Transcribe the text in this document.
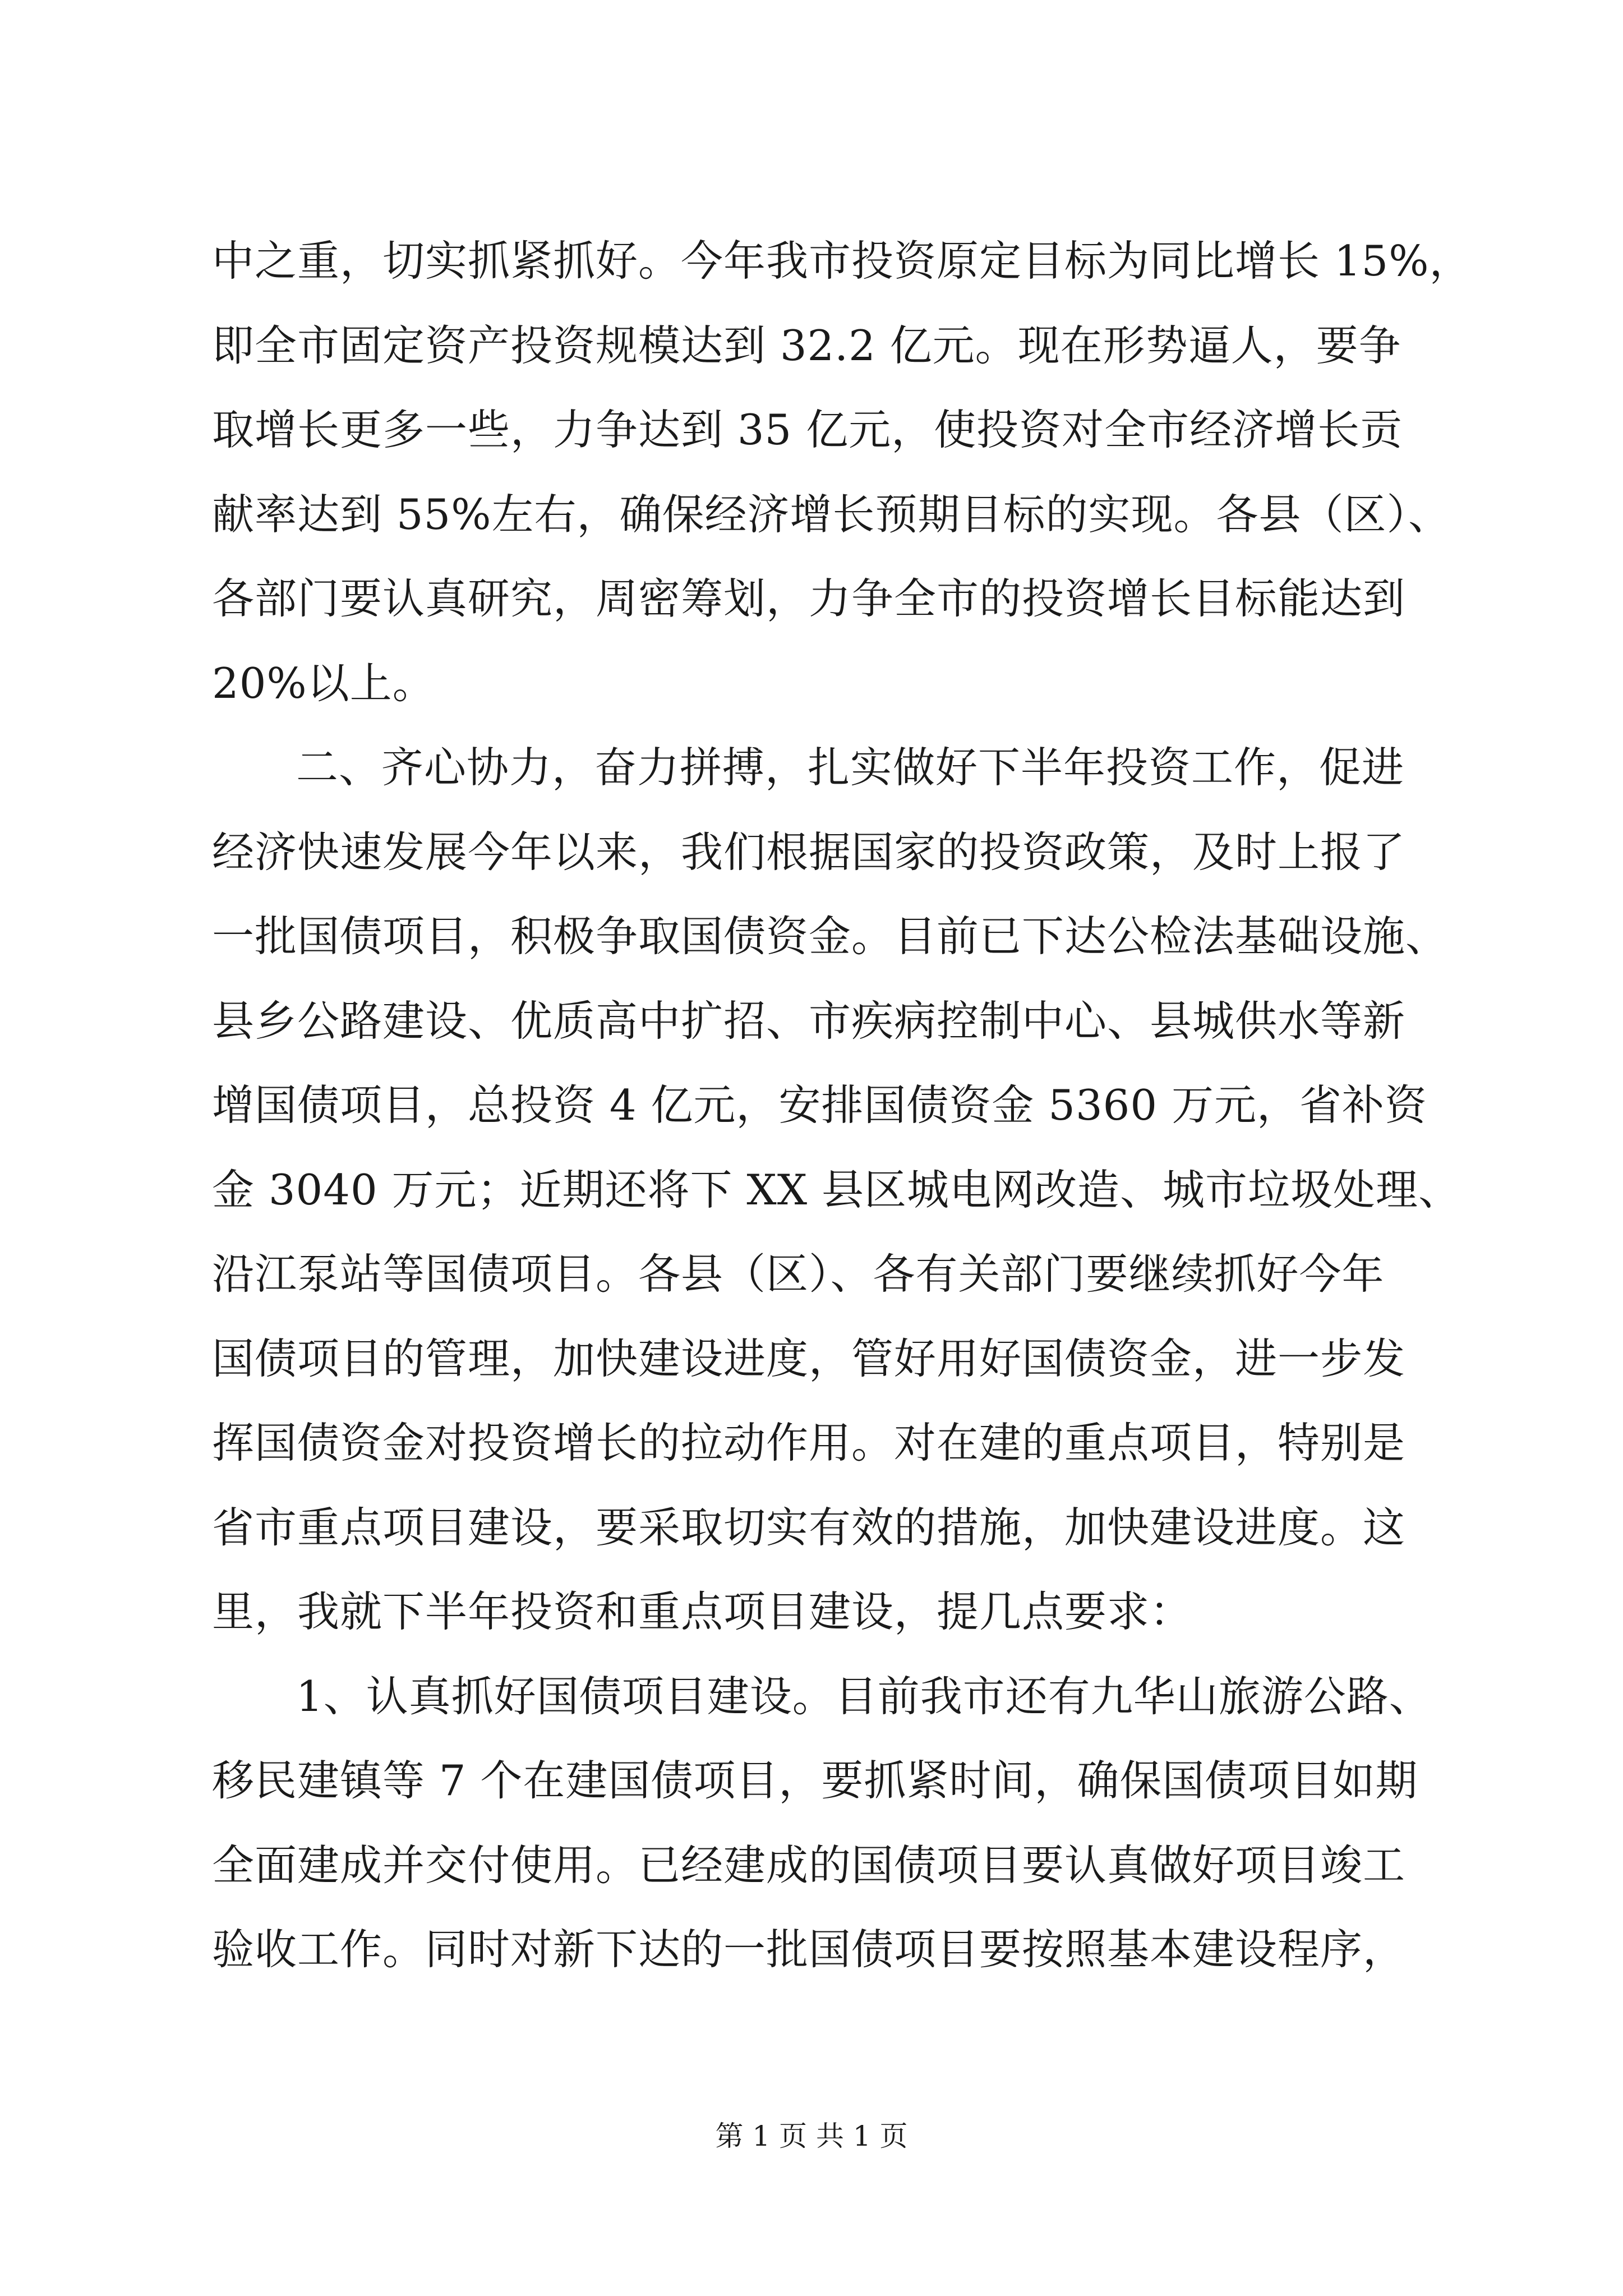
中之重，切实抓紧抓好。今年我市投资原定目标为同比增长 15%，
即全市固定资产投资规模达到 32.2 亿元。现在形势逼人，要争
取增长更多一些，力争达到 35 亿元，使投资对全市经济增长贡
献率达到 55%左右，确保经济增长预期目标的实现。各县（区）、
各部门要认真研究，周密筹划，力争全市的投资增长目标能达到
20%以上。
二、齐心协力，奋力拼搏，扎实做好下半年投资工作，促进
经济快速发展今年以来，我们根据国家的投资政策，及时上报了
一批国债项目，积极争取国债资金。目前已下达公检法基础设施、
县乡公路建设、优质高中扩招、市疾病控制中心、县城供水等新
增国债项目，总投资 4 亿元，安排国债资金 5360 万元，省补资
金 3040 万元；近期还将下 XX 县区城电网改造、城市垃圾处理、
沿江泵站等国债项目。各县（区）、各有关部门要继续抓好今年
国债项目的管理，加快建设进度，管好用好国债资金，进一步发
挥国债资金对投资增长的拉动作用。对在建的重点项目，特别是
省市重点项目建设，要采取切实有效的措施，加快建设进度。这
里，我就下半年投资和重点项目建设，提几点要求：
1、认真抓好国债项目建设。目前我市还有九华山旅游公路、
移民建镇等 7 个在建国债项目，要抓紧时间，确保国债项目如期
全面建成并交付使用。已经建成的国债项目要认真做好项目竣工
验收工作。同时对新下达的一批国债项目要按照基本建设程序，
第 1 页 共 1 页
